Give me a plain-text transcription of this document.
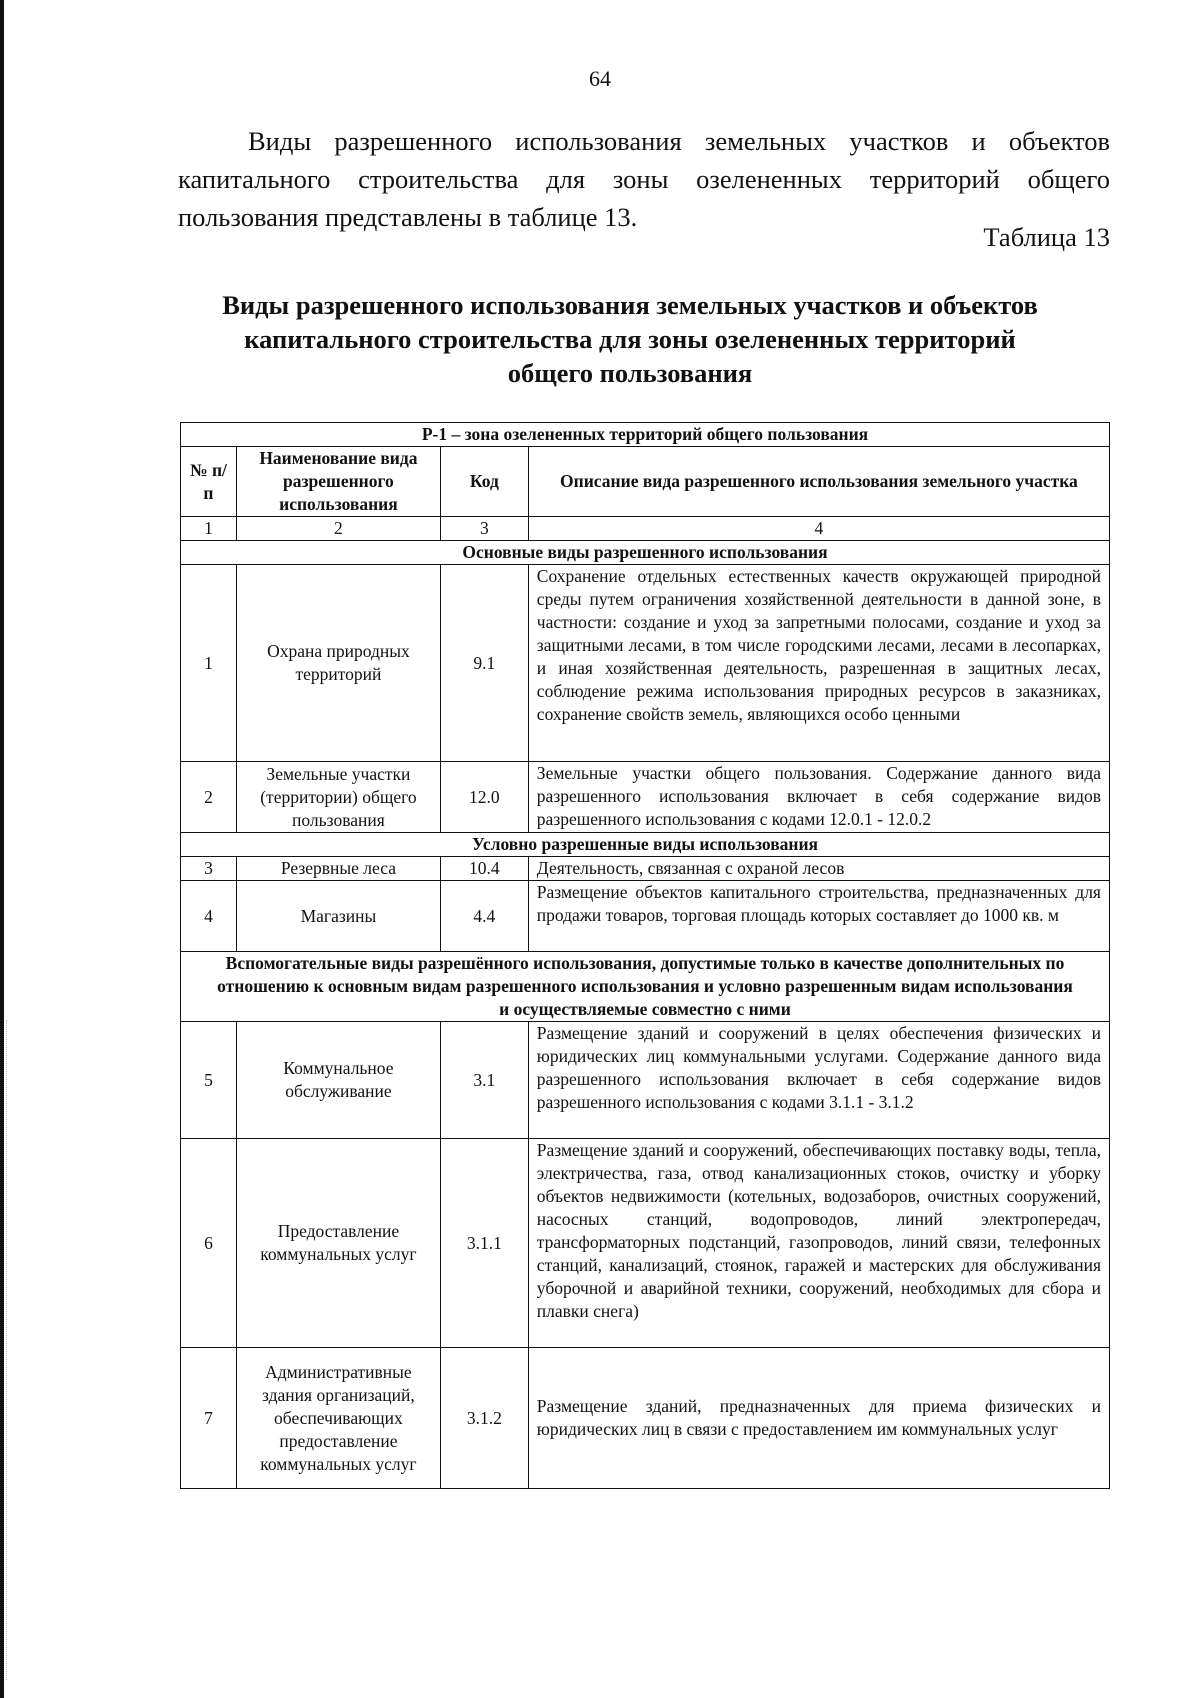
64
Виды разрешенного использования земельных участков и объектов капитального строительства для зоны озелененных территорий общего пользования представлены в таблице 13.
Таблица 13
Виды разрешенного использования земельных участков и объектов
капитального строительства для зоны озелененных территорий
общего пользования
Р-1 – зона озелененных территорий общего пользования			
№ п/п	Наименование вида разрешенного использования	Код	Описание вида разрешенного использования земельного участка
1	2	3	4
Основные виды разрешенного использования			
1	Охрана природных территорий	9.1	Сохранение отдельных естественных качеств окружающей природной среды путем ограничения хозяйственной деятельности в данной зоне, в частности: создание и уход за запретными полосами, создание и уход за защитными лесами, в том числе городскими лесами, лесами в лесопарках, и иная хозяйственная деятельность, разрешенная в защитных лесах, соблюдение режима использования природных ресурсов в заказниках, сохранение свойств земель, являющихся особо ценными
2	Земельные участки (территории) общего пользования	12.0	Земельные участки общего пользования. Содержание данного вида разрешенного использования включает в себя содержание видов разрешенного использования с кодами 12.0.1 - 12.0.2
Условно разрешенные виды использования			
3	Резервные леса	10.4	Деятельность, связанная с охраной лесов
4	Магазины	4.4	Размещение объектов капитального строительства, предназначенных для продажи товаров, торговая площадь которых составляет до 1000 кв. м
Вспомогательные виды разрешённого использования, допустимые только в качестве дополнительных по отношению к основным видам разрешенного использования и условно разрешенным видам использования и осуществляемые совместно с ними			
5	Коммунальное обслуживание	3.1	Размещение зданий и сооружений в целях обеспечения физических и юридических лиц коммунальными услугами. Содержание данного вида разрешенного использования включает в себя содержание видов разрешенного использования с кодами 3.1.1 - 3.1.2
6	Предоставление коммунальных услуг	3.1.1	Размещение зданий и сооружений, обеспечивающих поставку воды, тепла, электричества, газа, отвод канализационных стоков, очистку и уборку объектов недвижимости (котельных, водозаборов, очистных сооружений, насосных станций, водопроводов, линий электропередач, трансформаторных подстанций, газопроводов, линий связи, телефонных станций, канализаций, стоянок, гаражей и мастерских для обслуживания уборочной и аварийной техники, сооружений, необходимых для сбора и плавки снега)
7	Административные здания организаций, обеспечивающих предоставление коммунальных услуг	3.1.2	Размещение зданий, предназначенных для приема физических и юридических лиц в связи с предоставлением им коммунальных услуг
